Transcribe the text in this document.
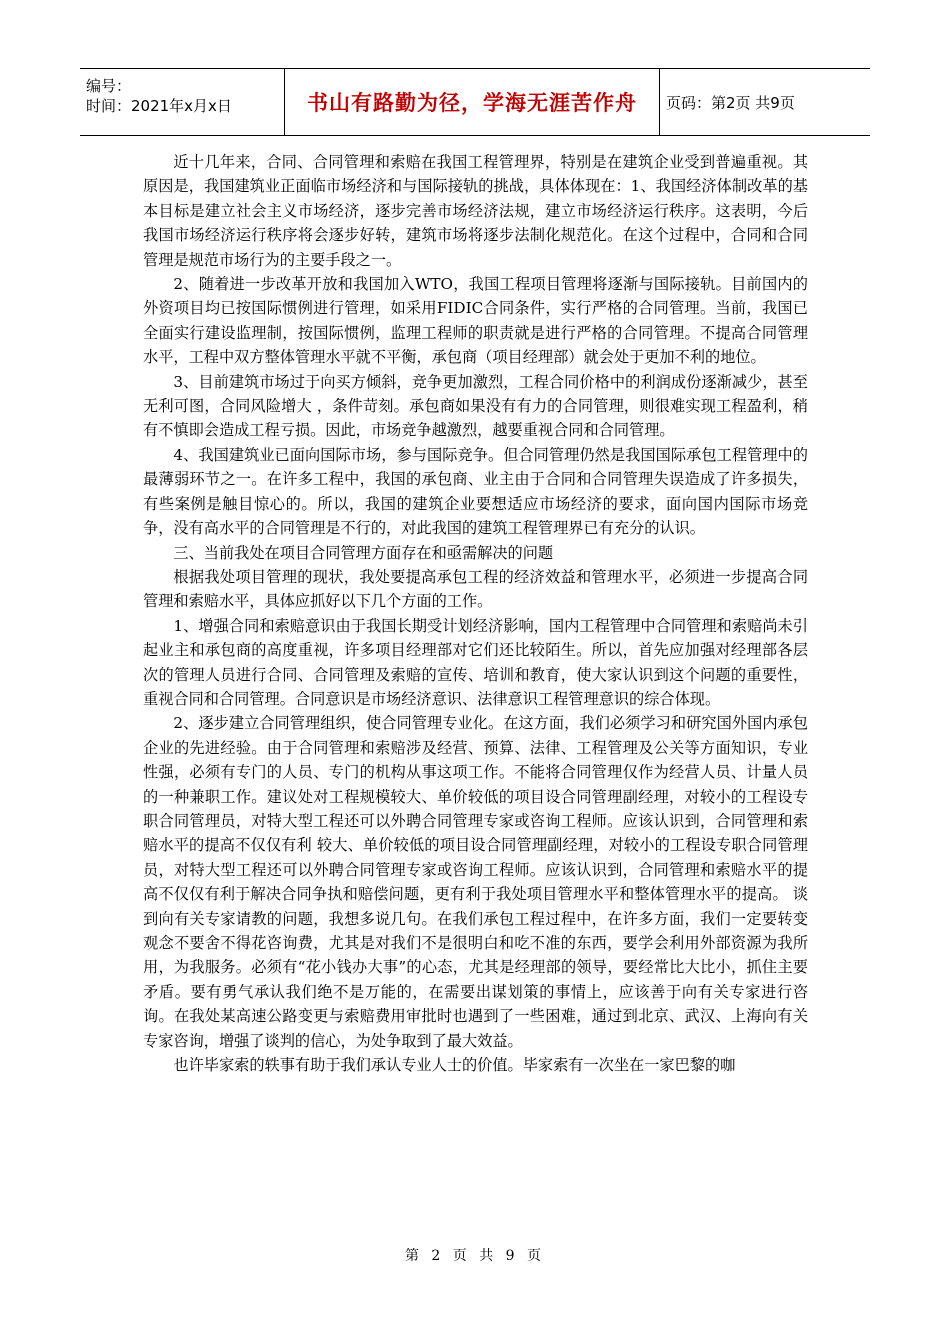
编号：
时间：2021年x月x日	书山有路勤为径，学海无涯苦作舟 页码：第2页 共9页

近十几年来，合同、合同管理和索赔在我国工程管理界，特别是在建筑企业受到普遍重视。其原因是，我国建筑业正面临市场经济和与国际接轨的挑战，具体体现在：1、我国经济体制改革的基本目标是建立社会主义市场经济，逐步完善市场经济法规，建立市场经济运行秩序。这表明，今后我国市场经济运行秩序将会逐步好转，建筑市场将逐步法制化规范化。在这个过程中，合同和合同管理是规范市场行为的主要手段之一。

2、随着进一步改革开放和我国加入WTO，我国工程项目管理将逐渐与国际接轨。目前国内的外资项目均已按国际惯例进行管理，如采用FIDIC合同条件，实行严格的合同管理。当前，我国已全面实行建设监理制，按国际惯例，监理工程师的职责就是进行严格的合同管理。不提高合同管理水平，工程中双方整体管理水平就不平衡，承包商（项目经理部）就会处于更加不利的地位。

3、目前建筑市场过于向买方倾斜，竞争更加激烈，工程合同价格中的利润成份逐渐减少，甚至无利可图，合同风险增大 ，条件苛刻。承包商如果没有有力的合同管理，则很难实现工程盈利，稍有不慎即会造成工程亏损。因此，市场竞争越激烈，越要重视合同和合同管理。

4、我国建筑业已面向国际市场，参与国际竞争。但合同管理仍然是我国国际承包工程管理中的最薄弱环节之一。在许多工程中，我国的承包商、业主由于合同和合同管理失误造成了许多损失，有些案例是触目惊心的。所以，我国的建筑企业要想适应市场经济的要求，面向国内国际市场竞争，没有高水平的合同管理是不行的，对此我国的建筑工程管理界已有充分的认识。

三、当前我处在项目合同管理方面存在和亟需解决的问题

根据我处项目管理的现状，我处要提高承包工程的经济效益和管理水平，必须进一步提高合同管理和索赔水平，具体应抓好以下几个方面的工作。

1、增强合同和索赔意识由于我国长期受计划经济影响，国内工程管理中合同管理和索赔尚未引起业主和承包商的高度重视，许多项目经理部对它们还比较陌生。所以，首先应加强对经理部各层次的管理人员进行合同、合同管理及索赔的宣传、培训和教育，使大家认识到这个问题的重要性，重视合同和合同管理。合同意识是市场经济意识、法律意识工程管理意识的综合体现。

2、逐步建立合同管理组织，使合同管理专业化。在这方面，我们必须学习和研究国外国内承包企业的先进经验。由于合同管理和索赔涉及经营、预算、法律、工程管理及公关等方面知识，专业性强，必须有专门的人员、专门的机构从事这项工作。不能将合同管理仅作为经营人员、计量人员的一种兼职工作。建议处对工程规模较大、单价较低的项目设合同管理副经理，对较小的工程设专职合同管理员，对特大型工程还可以外聘合同管理专家或咨询工程师。应该认识到，合同管理和索赔水平的提高不仅仅有利 较大、单价较低的项目设合同管理副经理，对较小的工程设专职合同管理员，对特大型工程还可以外聘合同管理专家或咨询工程师。应该认识到，合同管理和索赔水平的提高不仅仅有利于解决合同争执和赔偿问题，更有利于我处项目管理水平和整体管理水平的提高。 谈到向有关专家请教的问题，我想多说几句。在我们承包工程过程中，在许多方面，我们一定要转变观念不要舍不得花咨询费，尤其是对我们不是很明白和吃不准的东西，要学会利用外部资源为我所用，为我服务。必须有“花小钱办大事”的心态，尤其是经理部的领导，要经常比大比小，抓住主要矛盾。要有勇气承认我们绝不是万能的，在需要出谋划策的事情上，应该善于向有关专家进行咨询。在我处某高速公路变更与索赔费用审批时也遇到了一些困难，通过到北京、武汉、上海向有关专家咨询，增强了谈判的信心，为处争取到了最大效益。

也许毕家索的轶事有助于我们承认专业人士的价值。毕家索有一次坐在一家巴黎的咖

第 2 页 共 9 页
